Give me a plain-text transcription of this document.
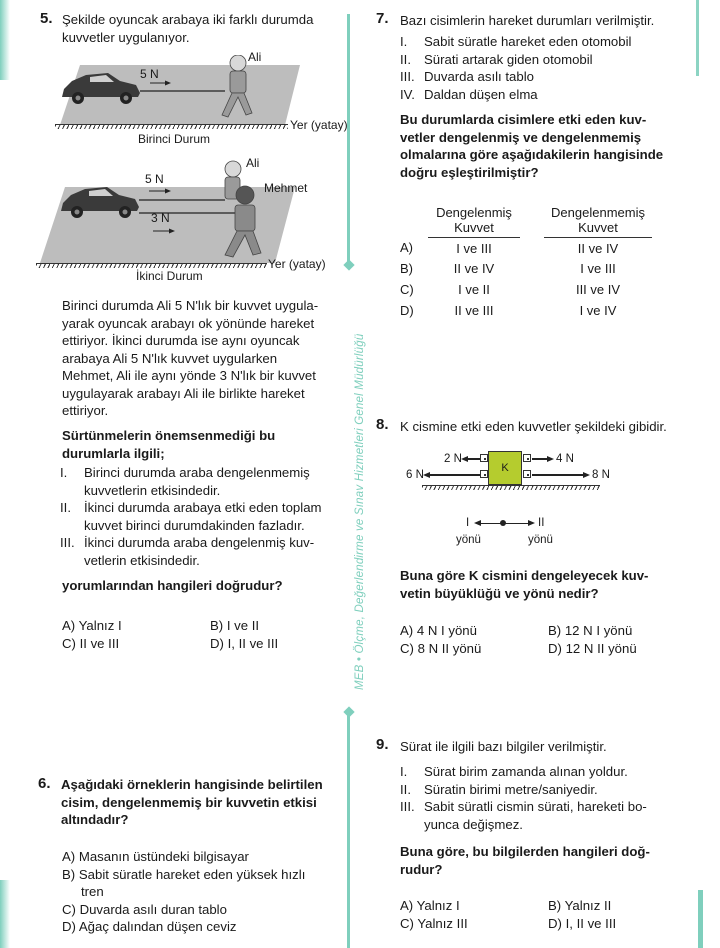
MEB • Ölçme, Değerlendirme ve Sınav Hizmetleri Genel Müdürlüğü
5. Şekilde oyuncak arabaya iki farklı durumda kuvvetler uygulanıyor.
5 N
Ali
Yer (yatay)
Birinci Durum
5 N
3 N
Ali
Mehmet
Yer (yatay)
İkinci Durum
Birinci durumda Ali 5 N'lık bir kuvvet uygula-
yarak oyuncak arabayı ok yönünde hareket
ettiriyor. İkinci durumda ise aynı oyuncak
arabaya Ali 5 N'lık kuvvet uygularken
Mehmet, Ali ile aynı yönde 3 N'lık bir kuvvet
uygulayarak arabayı Ali ile birlikte hareket
ettiriyor.
Sürtünmelerin önemsenmediği bu
durumlarla ilgili;
I. Birinci durumda araba dengelenmemiş
kuvvetlerin etkisindedir.
II. İkinci durumda arabaya etki eden toplam
kuvvet birinci durumdakinden fazladır.
III. İkinci durumda araba dengelenmiş kuv-
vetlerin etkisindedir.
yorumlarından hangileri doğrudur?
A) Yalnız I	B) I ve II
C) II ve III	D) I, II ve III
6. Aşağıdaki örneklerin hangisinde belirtilen
cisim, dengelenmemiş bir kuvvetin etkisi
altındadır?
A) Masanın üstündeki bilgisayar
B) Sabit süratle hareket eden yüksek hızlı
tren
C) Duvarda asılı duran tablo
D) Ağaç dalından düşen ceviz
7. Bazı cisimlerin hareket durumları verilmiştir.
I. Sabit süratle hareket eden otomobil
II. Sürati artarak giden otomobil
III. Duvarda asılı tablo
IV. Daldan düşen elma
Bu durumlarda cisimlere etki eden kuv-
vetler dengelenmiş ve dengelenmemiş
olmalarına göre aşağıdakilerin hangisinde
doğru eşleştirilmiştir?

Dengelenmiş
Kuvvet

Dengelenmemiş
Kuvvet

A)	I ve III		II ve IV
B)	II ve IV		I ve III
C)	I ve II		III ve IV
D)	II ve III		I ve IV
8. K cismine etki eden kuvvetler şekildeki gibidir.
K
2 N
6 N
4 N
8 N
I	II
yönü	yönü
Buna göre K cismini dengeleyecek kuv-
vetin büyüklüğü ve yönü nedir?
A) 4 N I yönü	B) 12 N I yönü
C) 8 N II yönü	D) 12 N II yönü
9. Sürat ile ilgili bazı bilgiler verilmiştir.
I. Sürat birim zamanda alınan yoldur.
II. Süratin birimi metre/saniyedir.
III. Sabit süratli cismin sürati, hareketi bo-
yunca değişmez.
Buna göre, bu bilgilerden hangileri doğ-
rudur?
A) Yalnız I	B) Yalnız II
C) Yalnız III	D) I, II ve III
